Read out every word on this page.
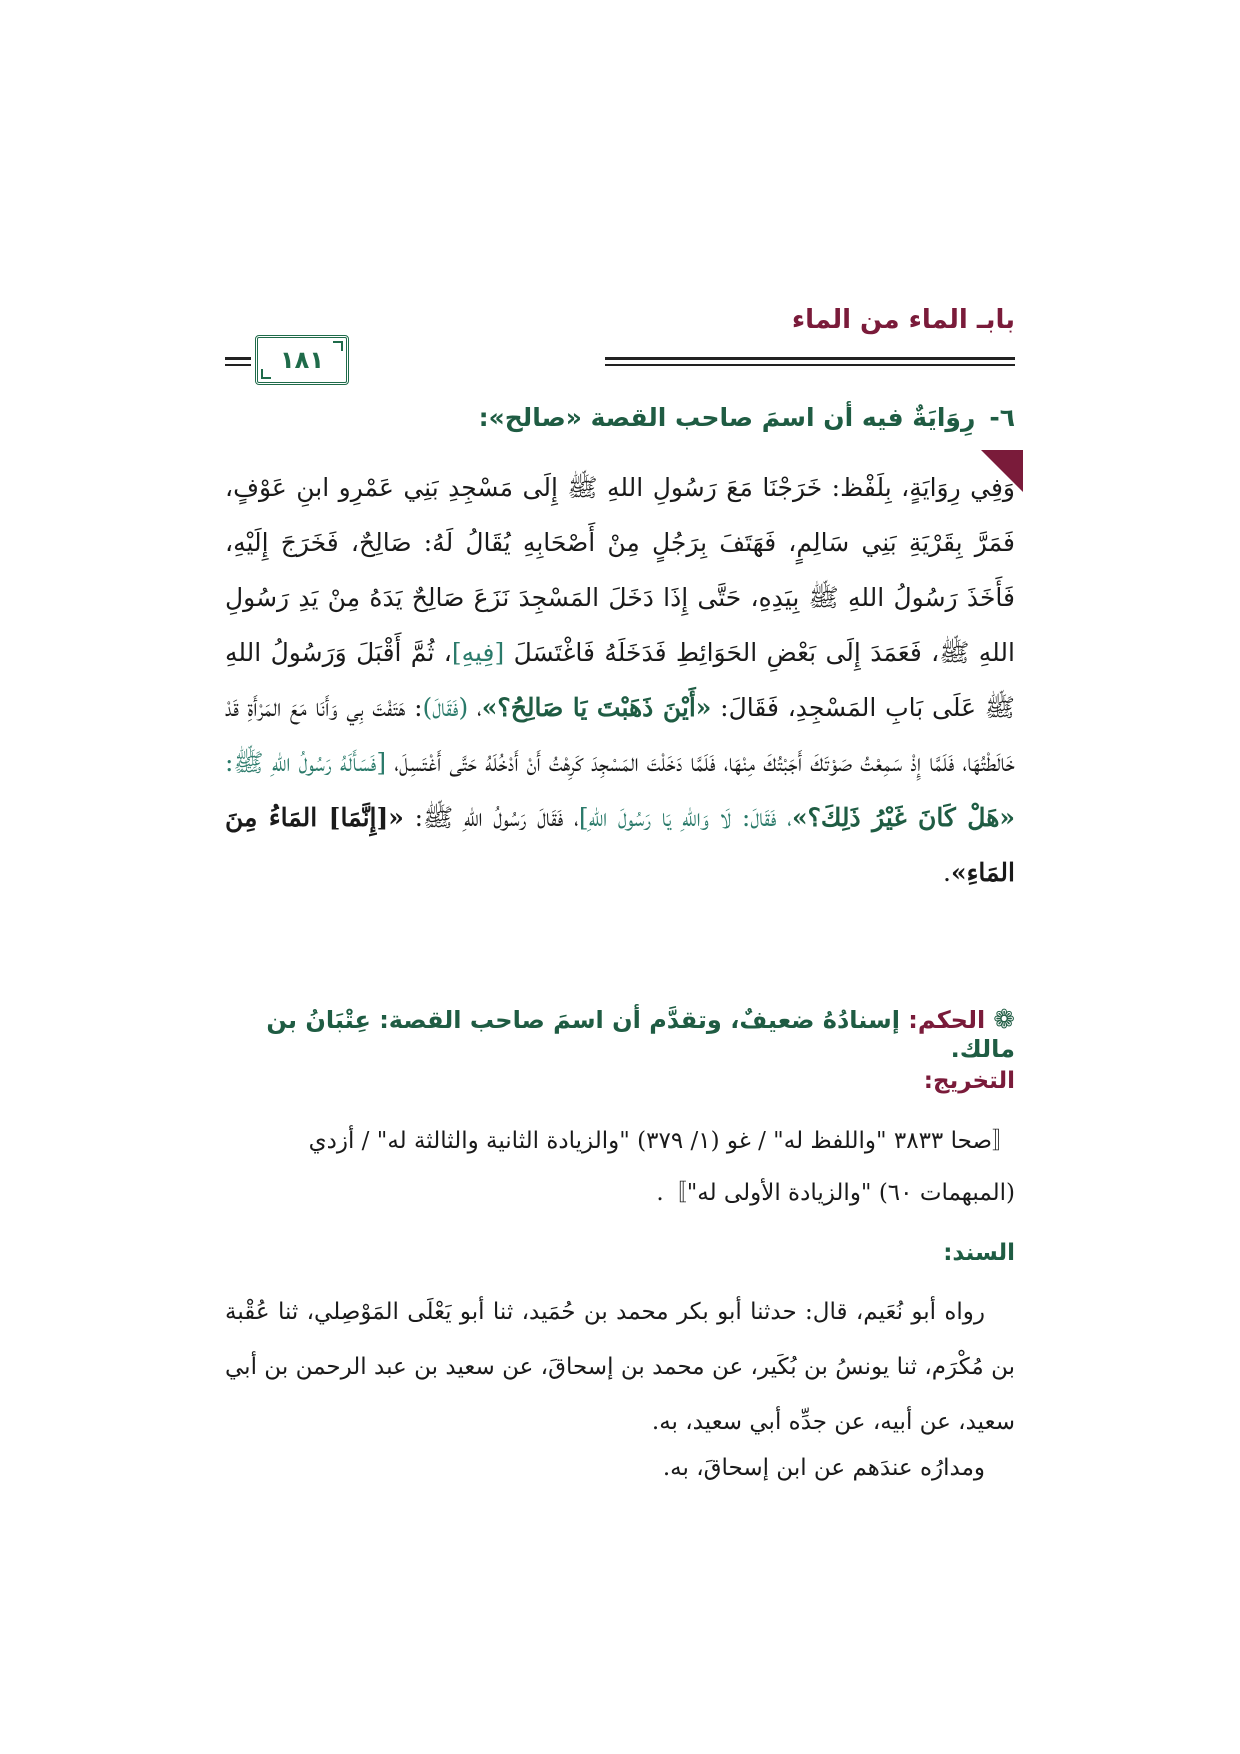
بابـ الماء من الماء
١٨١
٦-رِوَايَةٌ فيه أن اسمَ صاحب القصة «صالح»:
وَفِي رِوَايَةٍ، بِلَفْظ: خَرَجْنَا مَعَ رَسُولِ اللهِ ﷺ إِلَى مَسْجِدِ بَنِي عَمْرِو ابنِ عَوْفٍ، فَمَرَّ بِقَرْيَةِ بَنِي سَالِمٍ، فَهَتَفَ بِرَجُلٍ مِنْ أَصْحَابِهِ يُقَالُ لَهُ: صَالِحٌ، فَخَرَجَ إِلَيْهِ، فَأَخَذَ رَسُولُ اللهِ ﷺ بِيَدِهِ، حَتَّى إِذَا دَخَلَ المَسْجِدَ نَزَعَ صَالِحٌ يَدَهُ مِنْ يَدِ رَسُولِ اللهِ ﷺ، فَعَمَدَ إِلَى بَعْضِ الحَوَائِطِ فَدَخَلَهُ فَاغْتَسَلَ [فِيهِ]، ثُمَّ أَقْبَلَ وَرَسُولُ اللهِ ﷺ عَلَى بَابِ المَسْجِدِ، فَقَالَ: «أَيْنَ ذَهَبْتَ يَا صَالِحُ؟»، (فَقَالَ): هَتَفْتَ بِي وَأَنَا مَعَ المَرْأَةِ قَدْ خَالَطْتُهَا، فَلَمَّا إِذْ سَمِعْتُ صَوْتَكَ أَجَبْتُكَ مِنْهَا، فَلَمَّا دَخَلْتَ المَسْجِدَ كَرِهْتُ أَنْ أَدْخُلَهُ حَتَّى أَغْتَسِلَ، [فَسَأَلَهُ رَسُولُ اللهِ ﷺ: «هَلْ كَانَ غَيْرُ ذَلِكَ؟»، فَقَالَ: لَا وَاللهِ يَا رَسُولَ اللهِ]، فَقَالَ رَسُولُ اللهِ ﷺ: «[إِنَّمَا] المَاءُ مِنَ المَاءِ».
❁الحكم: إسنادُهُ ضعيفٌ، وتقدَّم أن اسمَ صاحب القصة: عِتْبَانُ بن مالك.
التخريج:
〚صحا ٣٨٣٣ "واللفظ له" / غو (١/ ٣٧٩) "والزيادة الثانية والثالثة له" / أزدي (المبهمات ٦٠) "والزيادة الأولى له"〛.
السند:
رواه أبو نُعَيم، قال: حدثنا أبو بكر محمد بن حُمَيد، ثنا أبو يَعْلَى المَوْصِلي، ثنا عُقْبة بن مُكْرَم، ثنا يونسُ بن بُكَير، عن محمد بن إسحاقَ، عن سعيد بن عبد الرحمن بن أبي سعيد، عن أبيه، عن جدِّه أبي سعيد، به.
ومدارُه عندَهم عن ابن إسحاقَ، به.
